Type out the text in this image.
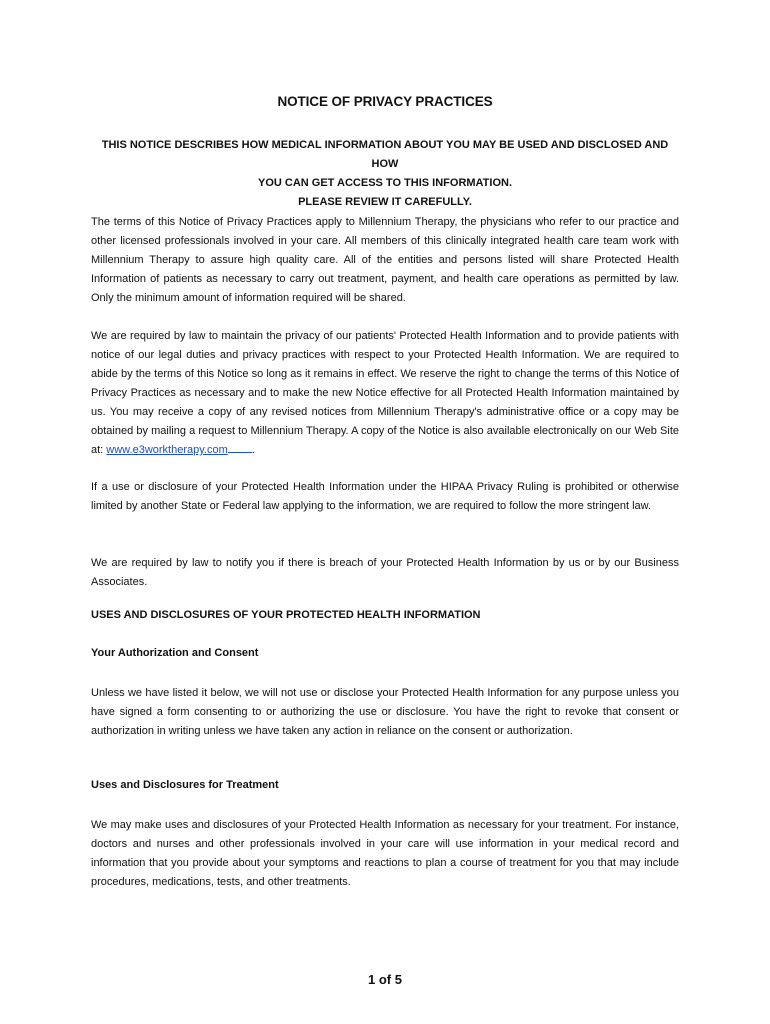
NOTICE OF PRIVACY PRACTICES
THIS NOTICE DESCRIBES HOW MEDICAL INFORMATION ABOUT YOU MAY BE USED AND DISCLOSED AND HOW
YOU CAN GET ACCESS TO THIS INFORMATION.
PLEASE REVIEW IT CAREFULLY.

The terms of this Notice of Privacy Practices apply to Millennium Therapy, the physicians who refer to our practice and other licensed professionals involved in your care. All members of this clinically integrated health care team work with Millennium Therapy to assure high quality care. All of the entities and persons listed will share Protected Health Information of patients as necessary to carry out treatment, payment, and health care operations as permitted by law. Only the minimum amount of information required will be shared.

We are required by law to maintain the privacy of our patients' Protected Health Information and to provide patients with notice of our legal duties and privacy practices with respect to your Protected Health Information. We are required to abide by the terms of this Notice so long as it remains in effect. We reserve the right to change the terms of this Notice of Privacy Practices as necessary and to make the new Notice effective for all Protected Health Information maintained by us. You may receive a copy of any revised notices from Millennium Therapy's administrative office or a copy may be obtained by mailing a request to Millennium Therapy. A copy of the Notice is also available electronically on our Web Site at: www.e3worktherapy.com .

If a use or disclosure of your Protected Health Information under the HIPAA Privacy Ruling is prohibited or otherwise limited by another State or Federal law applying to the information, we are required to follow the more stringent law.

We are required by law to notify you if there is breach of your Protected Health Information by us or by our Business Associates.

USES AND DISCLOSURES OF YOUR PROTECTED HEALTH INFORMATION

Your Authorization and Consent

Unless we have listed it below, we will not use or disclose your Protected Health Information for any purpose unless you have signed a form consenting to or authorizing the use or disclosure. You have the right to revoke that consent or authorization in writing unless we have taken any action in reliance on the consent or authorization.

Uses and Disclosures for Treatment

We may make uses and disclosures of your Protected Health Information as necessary for your treatment. For instance, doctors and nurses and other professionals involved in your care will use information in your medical record and information that you provide about your symptoms and reactions to plan a course of treatment for you that may include procedures, medications, tests, and other treatments.

1 of 5
